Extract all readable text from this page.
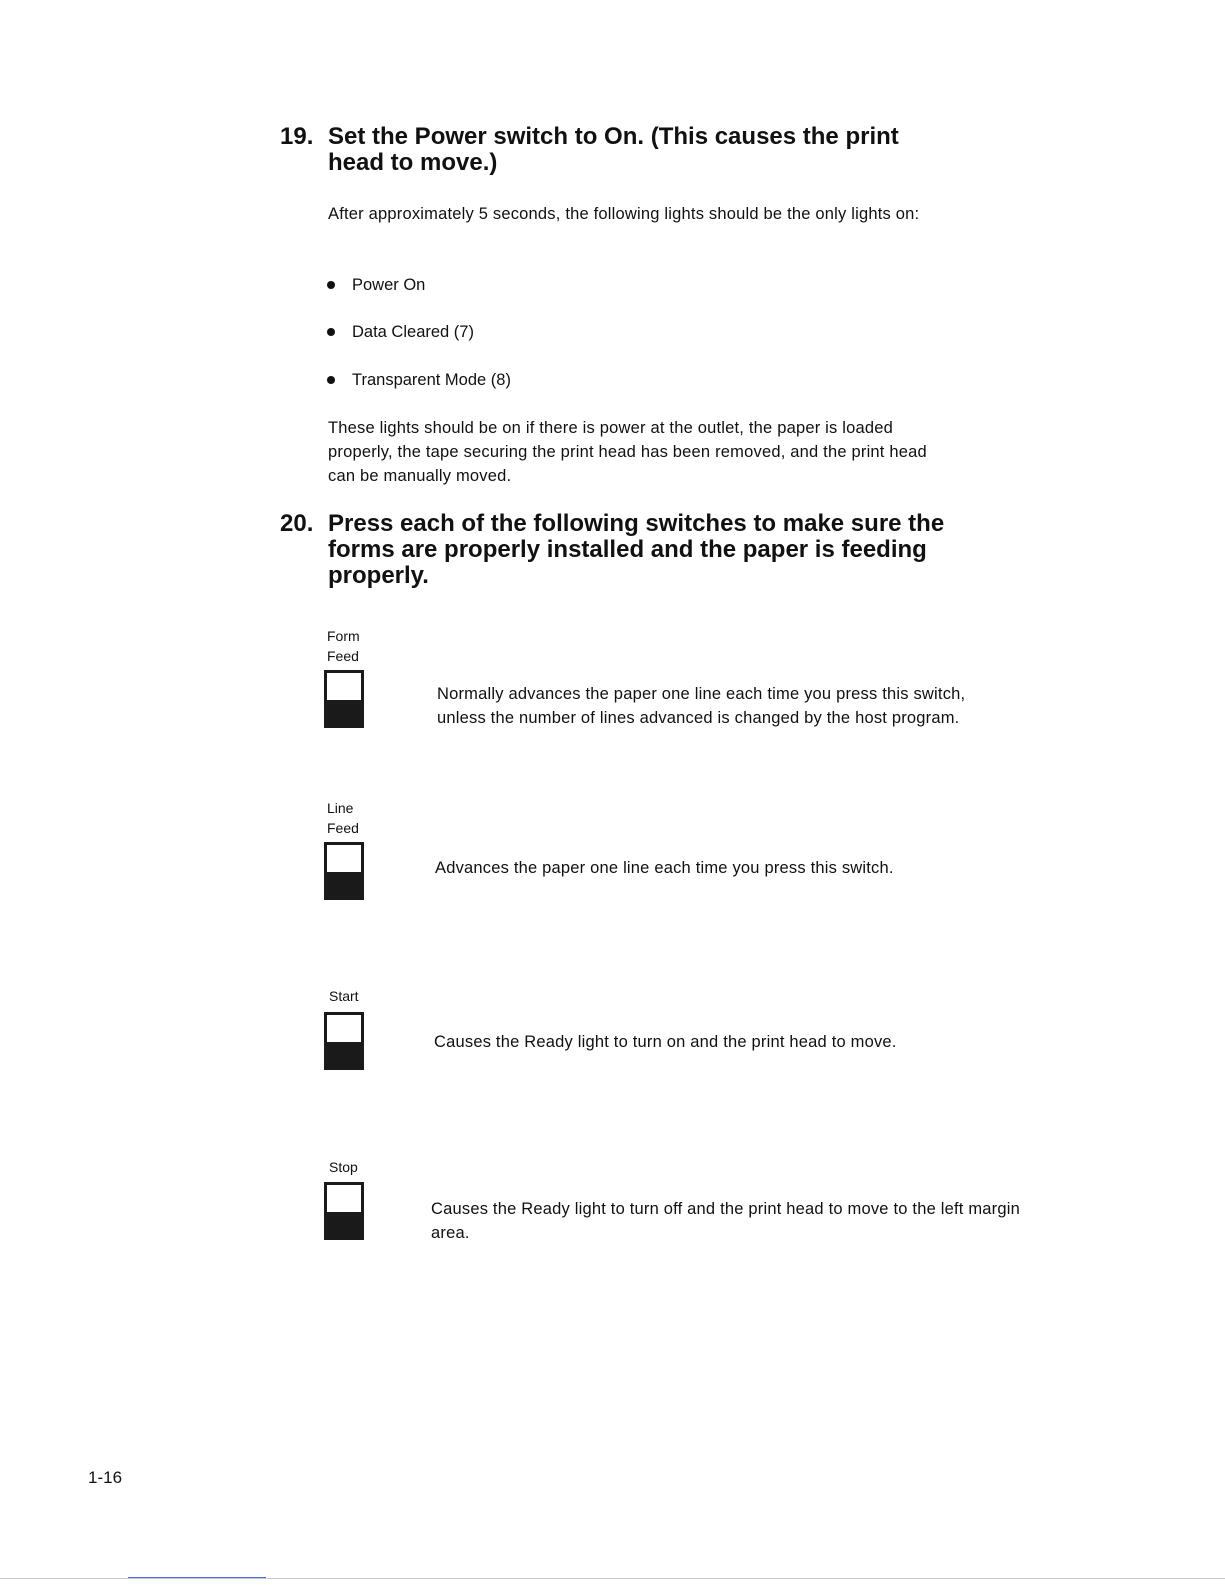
19. Set the Power switch to On. (This causes the print head to move.)
After approximately 5 seconds, the following lights should be the only lights on:
Power On
Data Cleared (7)
Transparent Mode (8)
These lights should be on if there is power at the outlet, the paper is loaded properly, the tape securing the print head has been removed, and the print head can be manually moved.
20. Press each of the following switches to make sure the forms are properly installed and the paper is feeding properly.
Form Feed
Normally advances the paper one line each time you press this switch, unless the number of lines advanced is changed by the host program.
Line Feed
Advances the paper one line each time you press this switch.
Start
Causes the Ready light to turn on and the print head to move.
Stop
Causes the Ready light to turn off and the print head to move to the left margin area.
1-16
